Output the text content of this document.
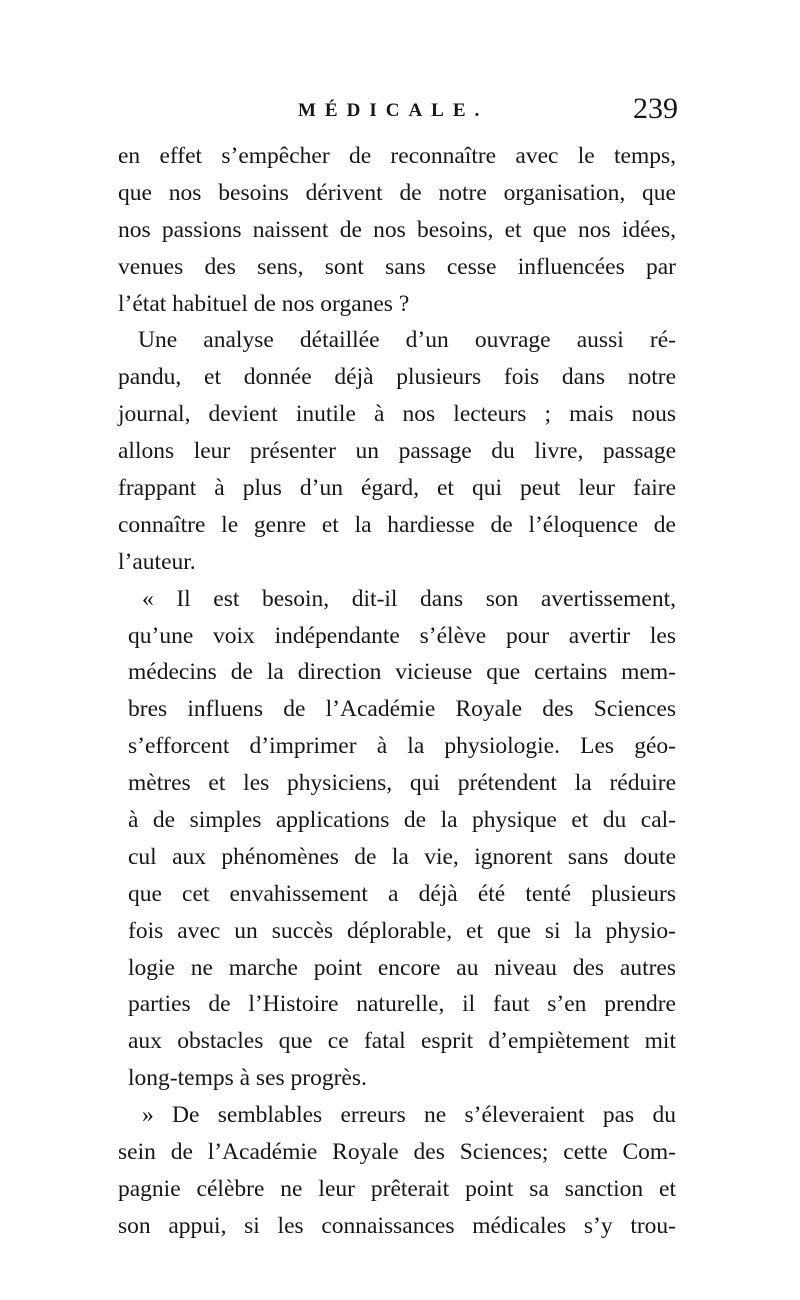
MÉDICALE.	239
en effet s’empêcher de reconnaître avec le temps,
que nos besoins dérivent de notre organisation, que
nos passions naissent de nos besoins, et que nos idées,
venues des sens, sont sans cesse influencées par
l’état habituel de nos organes ?
Une analyse détaillée d’un ouvrage aussi ré-
pandu, et donnée déjà plusieurs fois dans notre
journal, devient inutile à nos lecteurs ; mais nous
allons leur présenter un passage du livre, passage
frappant à plus d’un égard, et qui peut leur faire
connaître le genre et la hardiesse de l’éloquence de
l’auteur.
« Il est besoin, dit-il dans son avertissement,
qu’une voix indépendante s’élève pour avertir les
médecins de la direction vicieuse que certains mem-
bres influens de l’Académie Royale des Sciences
s’efforcent d’imprimer à la physiologie. Les géo-
mètres et les physiciens, qui prétendent la réduire
à de simples applications de la physique et du cal-
cul aux phénomènes de la vie, ignorent sans doute
que cet envahissement a déjà été tenté plusieurs
fois avec un succès déplorable, et que si la physio-
logie ne marche point encore au niveau des autres
parties de l’Histoire naturelle, il faut s’en prendre
aux obstacles que ce fatal esprit d’empiètement mit
long-temps à ses progrès.
» De semblables erreurs ne s’éleveraient pas du
sein de l’Académie Royale des Sciences; cette Com-
pagnie célèbre ne leur prêterait point sa sanction et
son appui, si les connaissances médicales s’y trou-
